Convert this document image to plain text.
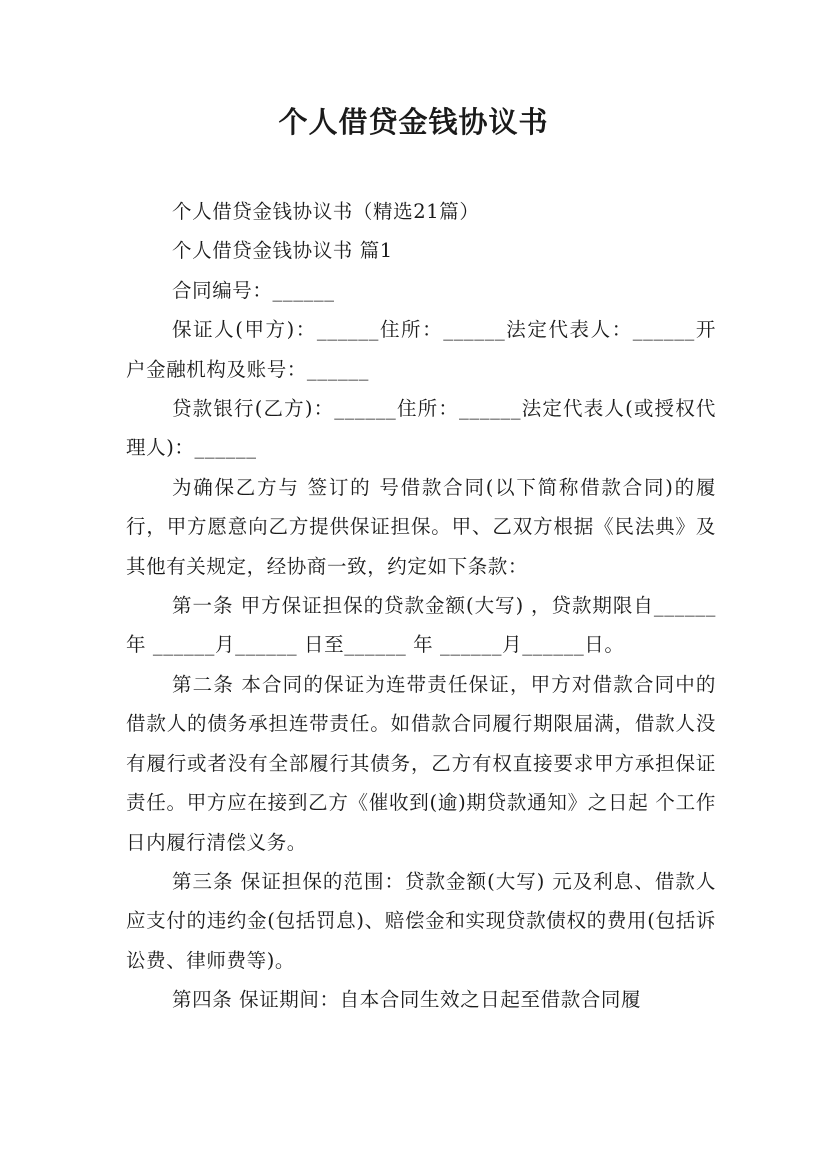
个人借贷金钱协议书

个人借贷金钱协议书（精选21篇）

个人借贷金钱协议书 篇1

合同编号：______

保证人(甲方)：______住所：______法定代表人：______开户金融机构及账号：______

贷款银行(乙方)：______住所：______法定代表人(或授权代理人)：______

为确保乙方与 签订的 号借款合同(以下简称借款合同)的履行，甲方愿意向乙方提供保证担保。甲、乙双方根据《民法典》及其他有关规定，经协商一致，约定如下条款：

第一条 甲方保证担保的贷款金额(大写) ，贷款期限自______年 ______月______ 日至______ 年 ______月______日。

第二条 本合同的保证为连带责任保证，甲方对借款合同中的借款人的债务承担连带责任。如借款合同履行期限届满，借款人没有履行或者没有全部履行其债务，乙方有权直接要求甲方承担保证责任。甲方应在接到乙方《催收到(逾)期贷款通知》之日起 个工作日内履行清偿义务。

第三条 保证担保的范围：贷款金额(大写) 元及利息、借款人应支付的违约金(包括罚息)、赔偿金和实现贷款债权的费用(包括诉讼费、律师费等)。

第四条 保证期间：自本合同生效之日起至借款合同履
